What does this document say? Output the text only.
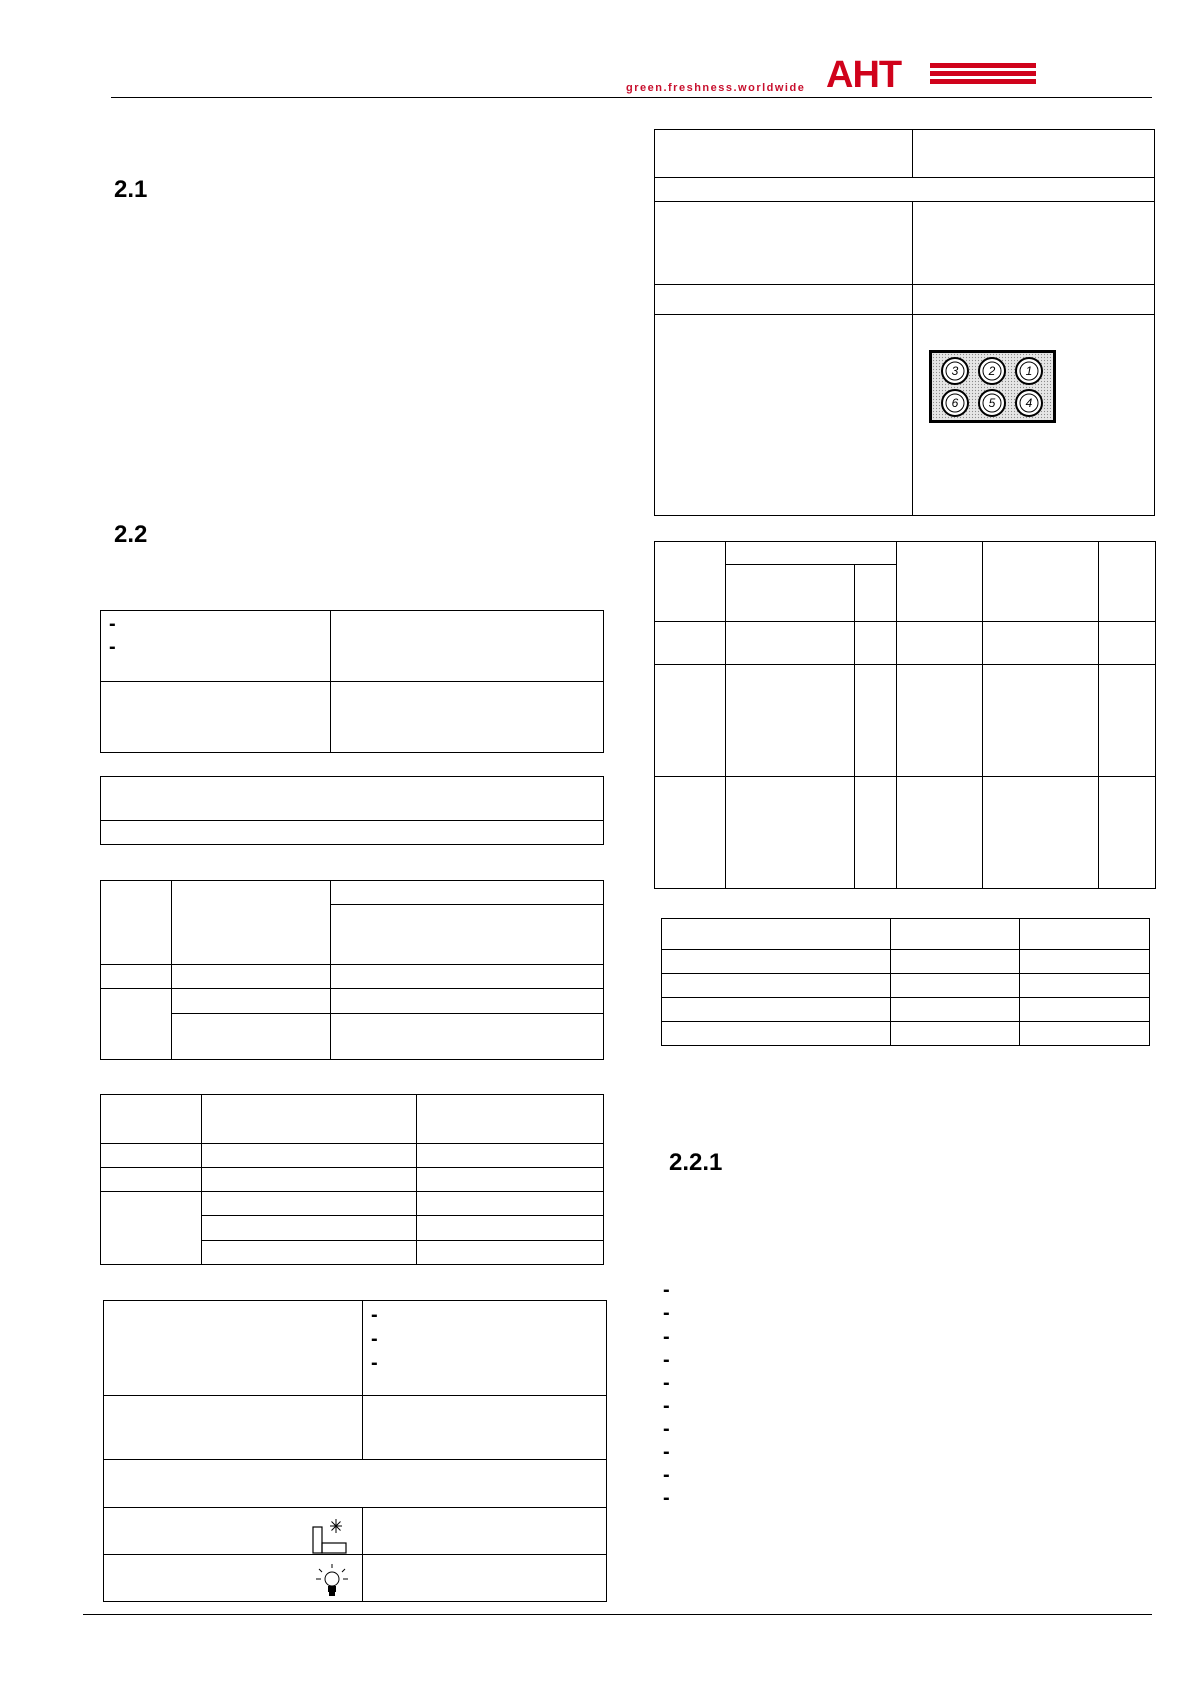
green.freshness.worldwide AHT
2.1
2.2
2.2.1
-
-
-
-
-
3	2	1
6	5	4
-
-
-
-
-
-
-
-
-
-
